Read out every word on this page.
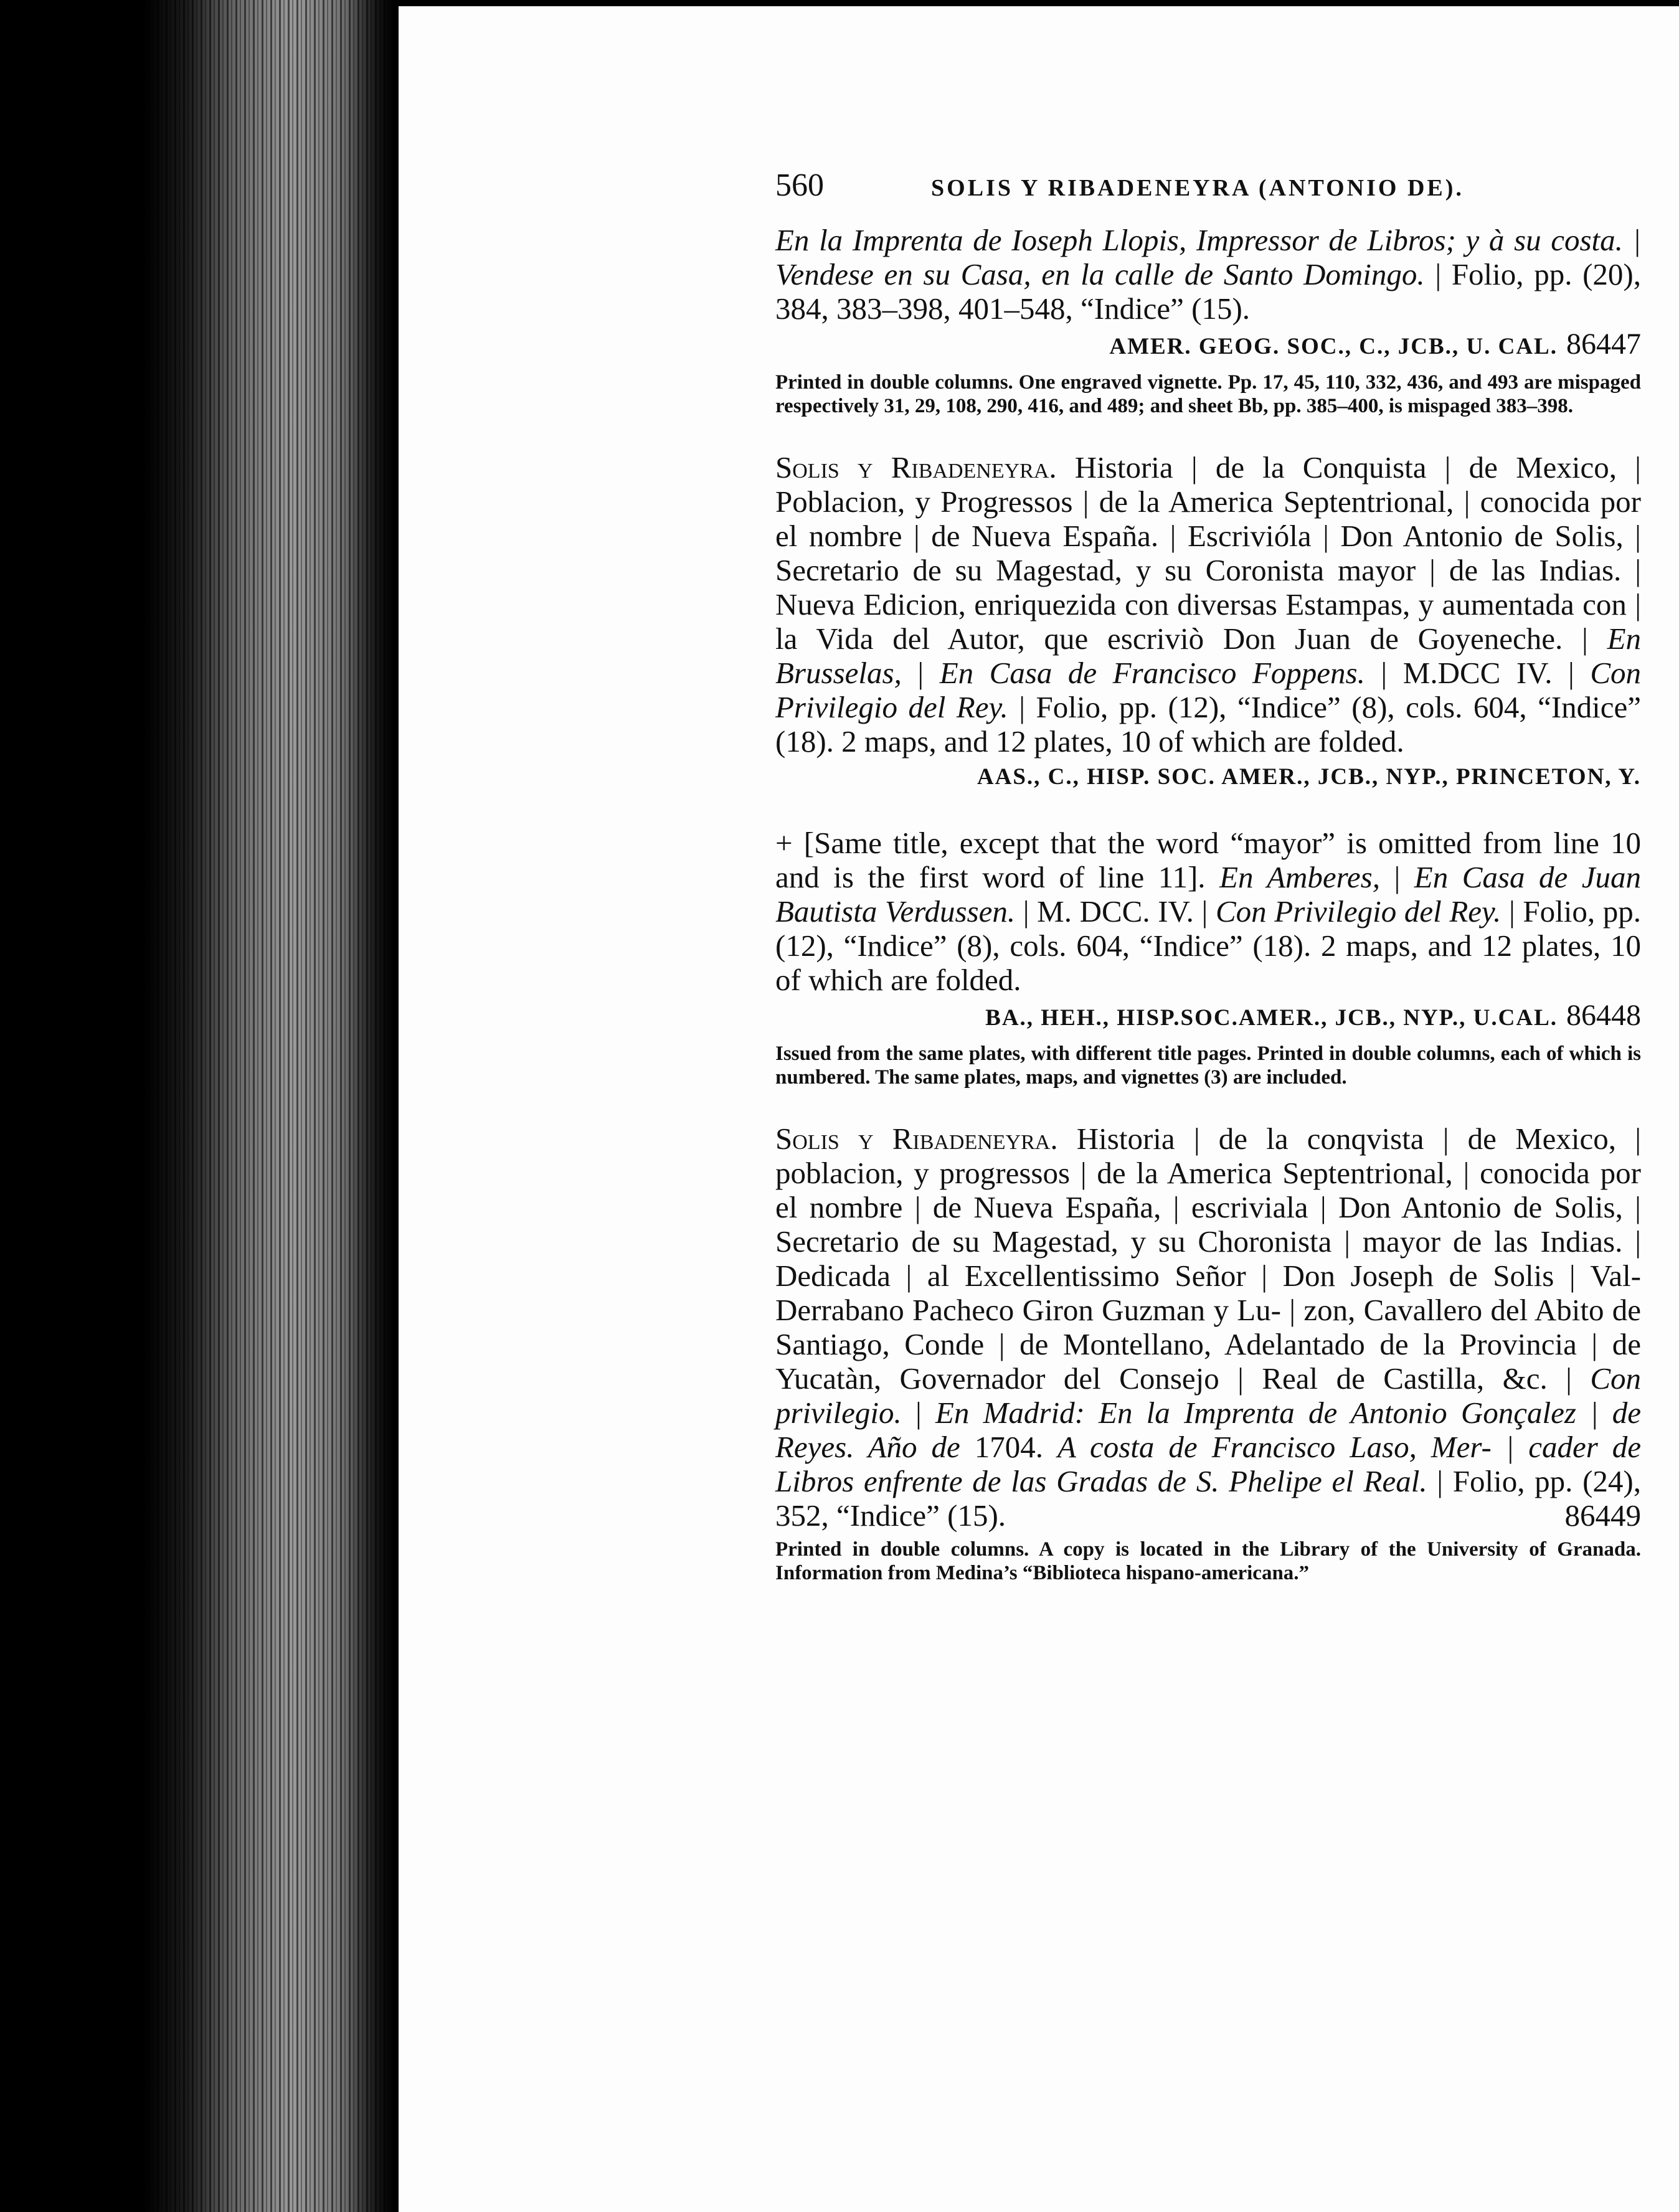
560	SOLIS Y RIBADENEYRA (ANTONIO DE).

En la Imprenta de Ioseph Llopis, Impressor de Libros; y à su costa. | Vendese en su Casa, en la calle de Santo Domingo. | Folio, pp. (20), 384, 383–398, 401–548, “Indice” (15).

AMER. GEOG. SOC., C., JCB., U. CAL. 86447

Printed in double columns. One engraved vignette. Pp. 17, 45, 110, 332, 436, and 493 are mispaged respectively 31, 29, 108, 290, 416, and 489; and sheet Bb, pp. 385–400, is mispaged 383–398.

Solis y Ribadeneyra. Historia | de la Conquista | de Mexico, | Poblacion, y Progressos | de la America Septentrional, | conocida por el nombre | de Nueva España. | Escrivióla | Don Antonio de Solis, | Secretario de su Magestad, y su Coronista mayor | de las Indias. | Nueva Edicion, enriquezida con diversas Estampas, y aumentada con | la Vida del Autor, que escriviò Don Juan de Goyeneche. | En Brusselas, | En Casa de Francisco Foppens. | M.DCC IV. | Con Privilegio del Rey. | Folio, pp. (12), “Indice” (8), cols. 604, “Indice” (18). 2 maps, and 12 plates, 10 of which are folded.

AAS., C., HISP. SOC. AMER., JCB., NYP., PRINCETON, Y.

+ [Same title, except that the word “mayor” is omitted from line 10 and is the first word of line 11]. En Amberes, | En Casa de Juan Bautista Verdussen. | M. DCC. IV. | Con Privilegio del Rey. | Folio, pp. (12), “Indice” (8), cols. 604, “Indice” (18). 2 maps, and 12 plates, 10 of which are folded.

BA., HEH., HISP.SOC.AMER., JCB., NYP., U.CAL. 86448

Issued from the same plates, with different title pages. Printed in double columns, each of which is numbered. The same plates, maps, and vignettes (3) are included.

Solis y Ribadeneyra. Historia | de la conqvista | de Mexico, | poblacion, y progressos | de la America Septentrional, | conocida por el nombre | de Nueva España, | escriviala | Don Antonio de Solis, | Secretario de su Magestad, y su Choronista | mayor de las Indias. | Dedicada | al Excellentissimo Señor | Don Joseph de Solis | Val-Derrabano Pacheco Giron Guzman y Lu- | zon, Cavallero del Abito de Santiago, Conde | de Montellano, Adelantado de la Provincia | de Yucatàn, Governador del Consejo | Real de Castilla, &c. | Con privilegio. | En Madrid: En la Imprenta de Antonio Gonçalez | de Reyes. Año de 1704. A costa de Francisco Laso, Mer- | cader de Libros enfrente de las Gradas de S. Phelipe el Real. | Folio, pp. (24), 352, “Indice” (15).	86449

Printed in double columns. A copy is located in the Library of the University of Granada. Information from Medina’s “Biblioteca hispano-americana.”
